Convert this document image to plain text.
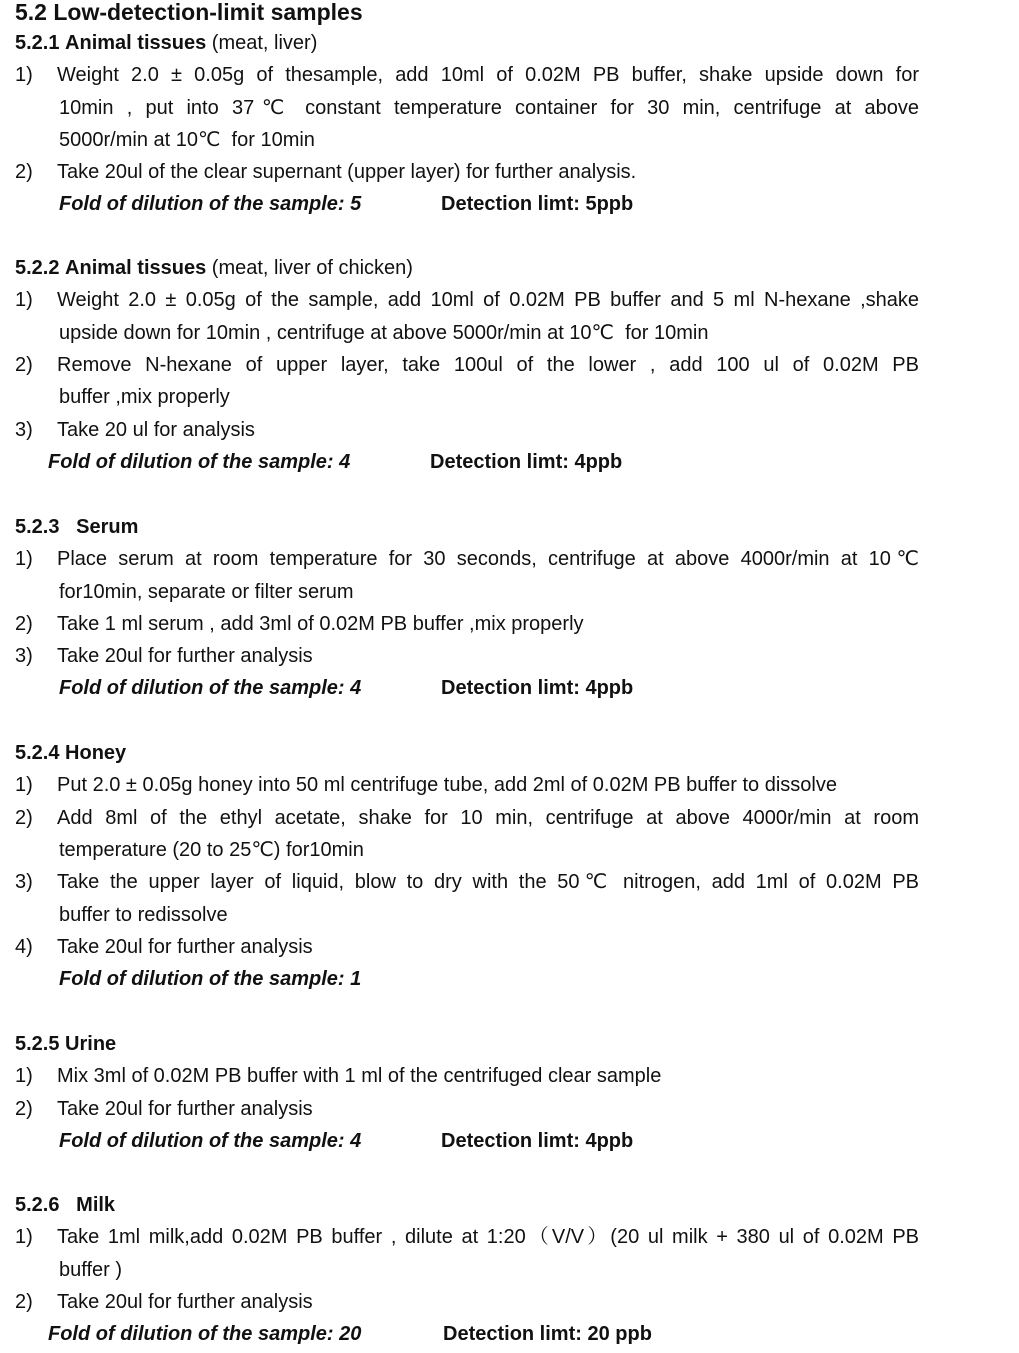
5.2 Low-detection-limit samples
5.2.1 Animal tissues (meat, liver)
1) Weight 2.0 ± 0.05g of thesample, add 10ml of 0.02M PB buffer, shake upside down for
10min , put into 37℃ constant temperature container for 30 min, centrifuge at above
5000r/min at 10℃  for 10min
2) Take 20ul of the clear supernant (upper layer) for further analysis.
Fold of dilution of the sample: 5	Detection limt: 5ppb
5.2.2 Animal tissues (meat, liver of chicken)
1) Weight 2.0 ± 0.05g of the sample, add 10ml of 0.02M PB buffer and 5 ml N-hexane ,shake
upside down for 10min , centrifuge at above 5000r/min at 10℃  for 10min
2) Remove N-hexane of upper layer, take 100ul of the lower , add 100 ul of 0.02M PB
buffer ,mix properly
3) Take 20 ul for analysis
Fold of dilution of the sample: 4	Detection limt: 4ppb
5.2.3 Serum
1) Place serum at room temperature for 30 seconds, centrifuge at above 4000r/min at 10℃
for10min, separate or filter serum
2) Take 1 ml serum , add 3ml of 0.02M PB buffer ,mix properly
3) Take 20ul for further analysis
Fold of dilution of the sample: 4	Detection limt: 4ppb
5.2.4 Honey
1) Put 2.0 ± 0.05g honey into 50 ml centrifuge tube, add 2ml of 0.02M PB buffer to dissolve
2) Add 8ml of the ethyl acetate, shake for 10 min, centrifuge at above 4000r/min at room
temperature (20 to 25℃) for10min
3) Take the upper layer of liquid, blow to dry with the 50℃ nitrogen, add 1ml of 0.02M PB
buffer to redissolve
4) Take 20ul for further analysis
Fold of dilution of the sample: 1
5.2.5 Urine
1) Mix 3ml of 0.02M PB buffer with 1 ml of the centrifuged clear sample
2) Take 20ul for further analysis
Fold of dilution of the sample: 4	Detection limt: 4ppb
5.2.6 Milk
1) Take 1ml milk,add 0.02M PB buffer , dilute at 1:20（V/V）(20 ul milk + 380 ul of 0.02M PB
buffer )
2) Take 20ul for further analysis
Fold of dilution of the sample: 20	Detection limt: 20 ppb
